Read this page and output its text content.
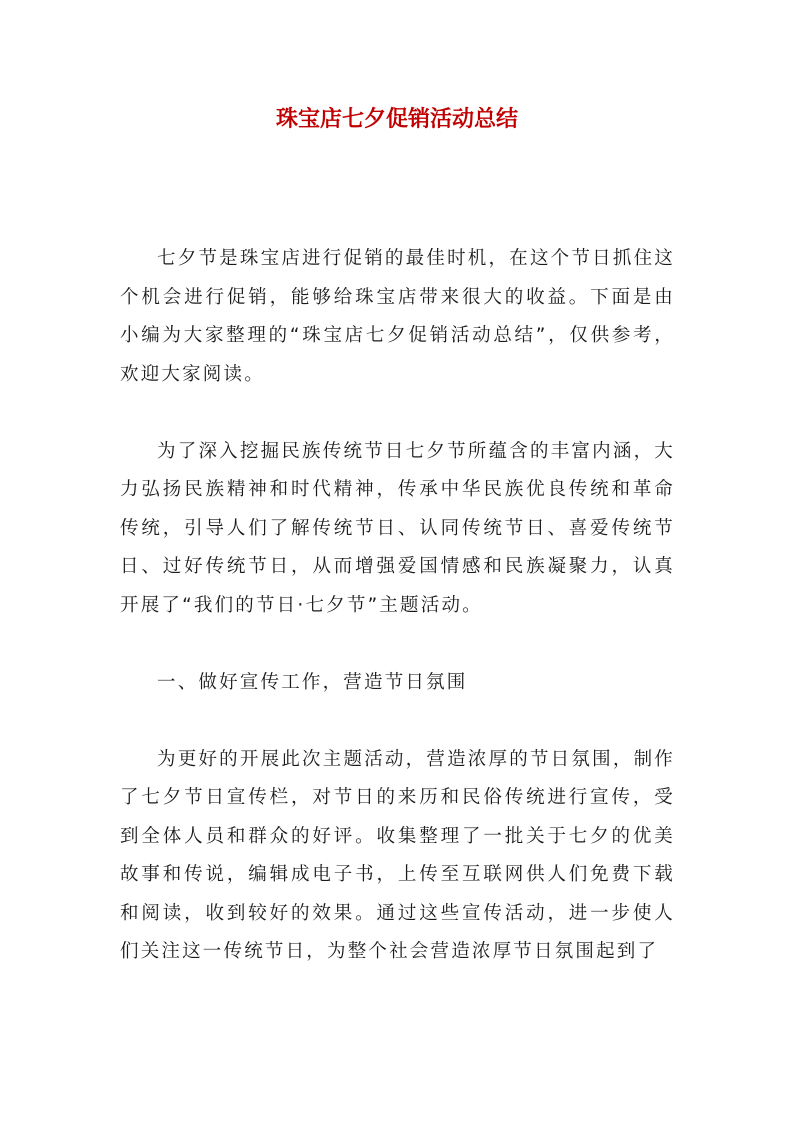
珠宝店七夕促销活动总结

七夕节是珠宝店进行促销的最佳时机，在这个节日抓住这个机会进行促销，能够给珠宝店带来很大的收益。下面是由小编为大家整理的“珠宝店七夕促销活动总结”，仅供参考，欢迎大家阅读。

为了深入挖掘民族传统节日七夕节所蕴含的丰富内涵，大力弘扬民族精神和时代精神，传承中华民族优良传统和革命传统，引导人们了解传统节日、认同传统节日、喜爱传统节日、过好传统节日，从而增强爱国情感和民族凝聚力，认真开展了“我们的节日·七夕节”主题活动。

一、做好宣传工作，营造节日氛围

为更好的开展此次主题活动，营造浓厚的节日氛围，制作了七夕节日宣传栏，对节日的来历和民俗传统进行宣传，受到全体人员和群众的好评。收集整理了一批关于七夕的优美故事和传说，编辑成电子书，上传至互联网供人们免费下载和阅读，收到较好的效果。通过这些宣传活动，进一步使人们关注这一传统节日，为整个社会营造浓厚节日氛围起到了
